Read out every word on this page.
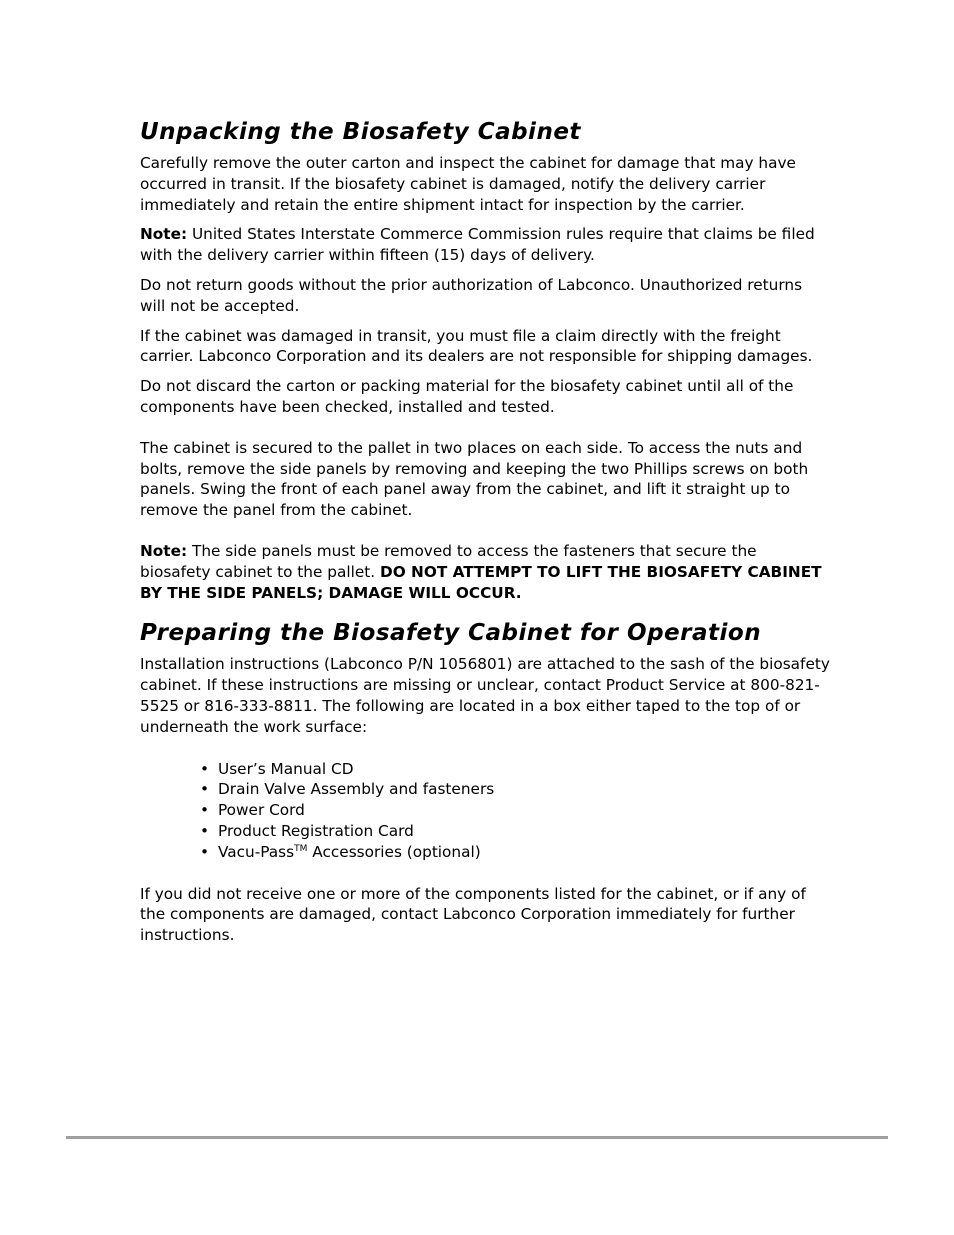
Unpacking the Biosafety Cabinet

Carefully remove the outer carton and inspect the cabinet for damage that may have occurred in transit. If the biosafety cabinet is damaged, notify the delivery carrier immediately and retain the entire shipment intact for inspection by the carrier.

Note: United States Interstate Commerce Commission rules require that claims be filed with the delivery carrier within fifteen (15) days of delivery.

Do not return goods without the prior authorization of Labconco. Unauthorized returns will not be accepted.

If the cabinet was damaged in transit, you must file a claim directly with the freight carrier. Labconco Corporation and its dealers are not responsible for shipping damages.

Do not discard the carton or packing material for the biosafety cabinet until all of the components have been checked, installed and tested.

The cabinet is secured to the pallet in two places on each side. To access the nuts and bolts, remove the side panels by removing and keeping the two Phillips screws on both panels. Swing the front of each panel away from the cabinet, and lift it straight up to remove the panel from the cabinet.

Note: The side panels must be removed to access the fasteners that secure the biosafety cabinet to the pallet. DO NOT ATTEMPT TO LIFT THE BIOSAFETY CABINET BY THE SIDE PANELS; DAMAGE WILL OCCUR.

Preparing the Biosafety Cabinet for Operation

Installation instructions (Labconco P/N 1056801) are attached to the sash of the biosafety cabinet. If these instructions are missing or unclear, contact Product Service at 800-821-5525 or 816-333-8811. The following are located in a box either taped to the top of or underneath the work surface:

• User’s Manual CD
• Drain Valve Assembly and fasteners
• Power Cord
• Product Registration Card
• Vacu-Pass™ Accessories (optional)

If you did not receive one or more of the components listed for the cabinet, or if any of the components are damaged, contact Labconco Corporation immediately for further instructions.
